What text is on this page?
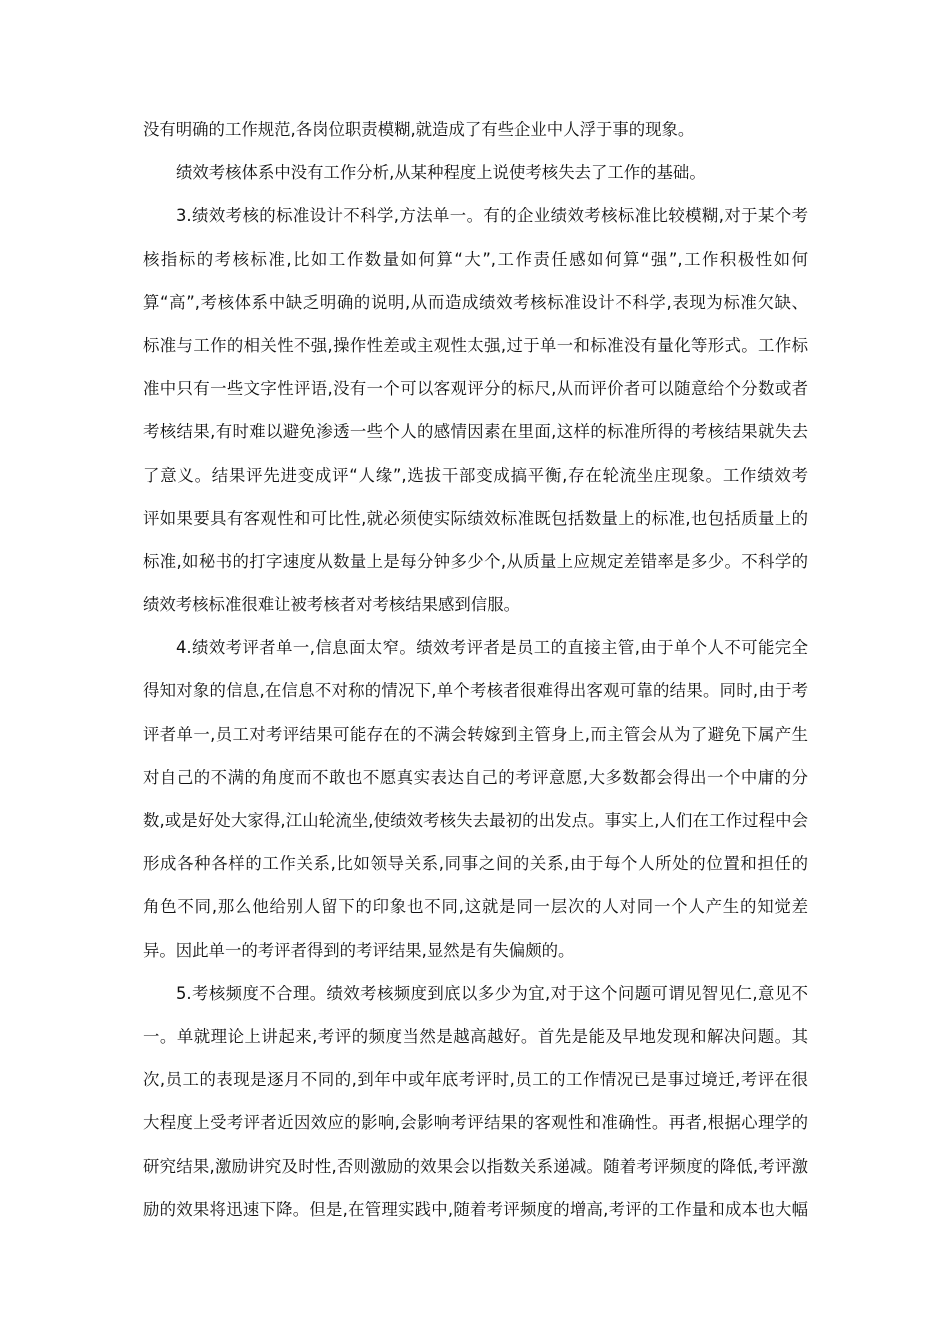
没有明确的工作规范,各岗位职责模糊,就造成了有些企业中人浮于事的现象。
绩效考核体系中没有工作分析,从某种程度上说使考核失去了工作的基础。
3.绩效考核的标准设计不科学,方法单一。有的企业绩效考核标准比较模糊,对于某个考
核指标的考核标准,比如工作数量如何算“大”,工作责任感如何算“强”,工作积极性如何
算“高”,考核体系中缺乏明确的说明,从而造成绩效考核标准设计不科学,表现为标准欠缺、
标准与工作的相关性不强,操作性差或主观性太强,过于单一和标准没有量化等形式。工作标
准中只有一些文字性评语,没有一个可以客观评分的标尺,从而评价者可以随意给个分数或者
考核结果,有时难以避免渗透一些个人的感情因素在里面,这样的标准所得的考核结果就失去
了意义。结果评先进变成评“人缘”,选拔干部变成搞平衡,存在轮流坐庄现象。工作绩效考
评如果要具有客观性和可比性,就必须使实际绩效标准既包括数量上的标准,也包括质量上的
标准,如秘书的打字速度从数量上是每分钟多少个,从质量上应规定差错率是多少。不科学的
绩效考核标准很难让被考核者对考核结果感到信服。
4.绩效考评者单一,信息面太窄。绩效考评者是员工的直接主管,由于单个人不可能完全
得知对象的信息,在信息不对称的情况下,单个考核者很难得出客观可靠的结果。同时,由于考
评者单一,员工对考评结果可能存在的不满会转嫁到主管身上,而主管会从为了避免下属产生
对自己的不满的角度而不敢也不愿真实表达自己的考评意愿,大多数都会得出一个中庸的分
数,或是好处大家得,江山轮流坐,使绩效考核失去最初的出发点。事实上,人们在工作过程中会
形成各种各样的工作关系,比如领导关系,同事之间的关系,由于每个人所处的位置和担任的
角色不同,那么他给别人留下的印象也不同,这就是同一层次的人对同一个人产生的知觉差
异。因此单一的考评者得到的考评结果,显然是有失偏颇的。
5.考核频度不合理。绩效考核频度到底以多少为宜,对于这个问题可谓见智见仁,意见不
一。单就理论上讲起来,考评的频度当然是越高越好。首先是能及早地发现和解决问题。其
次,员工的表现是逐月不同的,到年中或年底考评时,员工的工作情况已是事过境迁,考评在很
大程度上受考评者近因效应的影响,会影响考评结果的客观性和准确性。再者,根据心理学的
研究结果,激励讲究及时性,否则激励的效果会以指数关系递减。随着考评频度的降低,考评激
励的效果将迅速下降。但是,在管理实践中,随着考评频度的增高,考评的工作量和成本也大幅
